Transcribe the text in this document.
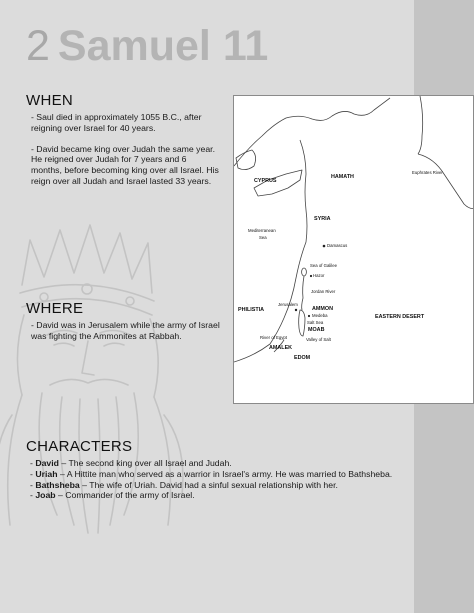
2 Samuel 11
WHEN

- Saul died in approximately 1055 B.C., after reigning over Israel for 40 years.

- David became king over Judah the same year. He reigned over Judah for 7 years and 6 months, before becoming king over all Israel. His reign over all Judah and Israel lasted 33 years.

WHERE

- David was in Jerusalem while the army of Israel was fighting the Ammonites at Rabbah.

CHARACTERS
- David – The second king over all Israel and Judah.
- Uriah – A Hittite man who served as a warrior in Israel's army. He was married to Bathsheba.
- Bathsheba – The wife of Uriah. David had a sinful sexual relationship with her.
- Joab – Commander of the army of Israel.
CYPRUS
HAMATH
Euphrates River
Mediterranean
Sea
SYRIA
Damascus
Sea of Galilee
Hazor
Jordan River
PHILISTIA
Jerusalem
AMMON
Medeba	EASTERN DESERT
Salt Sea
River of Egypt
MOAB
Valley of Salt
AMALEK
EDOM
